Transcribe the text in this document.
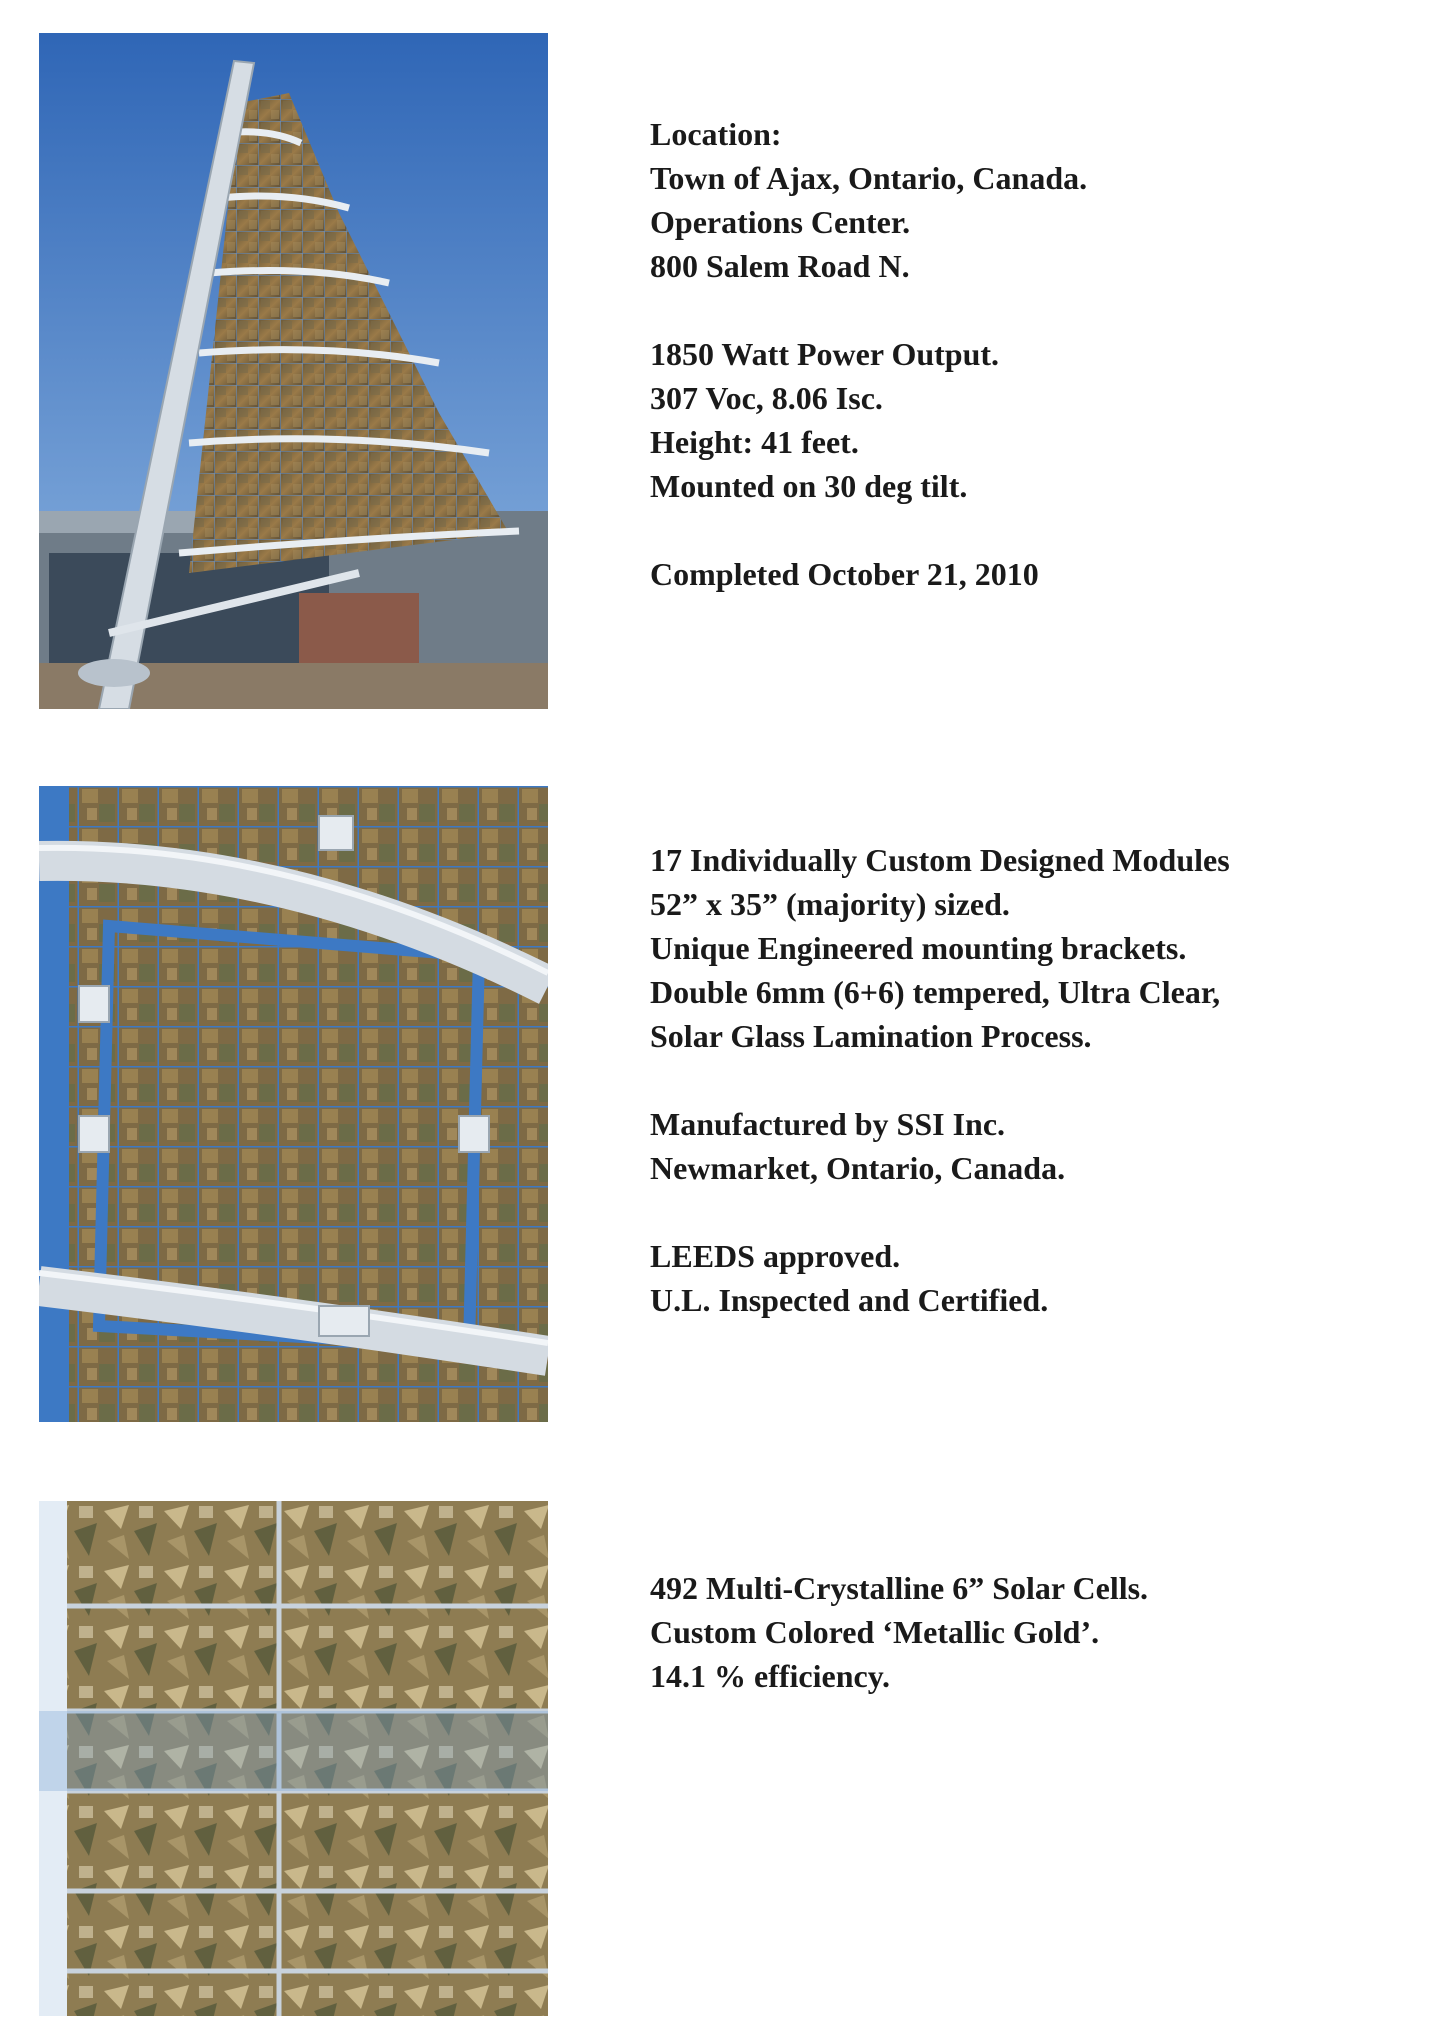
Location:

Town of Ajax, Ontario, Canada.

Operations Center.

800 Salem Road N.

1850 Watt Power Output.

307 Voc, 8.06 Isc.

Height: 41 feet.

Mounted on 30 deg tilt.

Completed October 21, 2010

17 Individually Custom Designed Modules

52” x 35” (majority) sized.

Unique Engineered mounting brackets.

Double 6mm (6+6) tempered, Ultra Clear,

Solar Glass Lamination Process.

Manufactured by SSI Inc.

Newmarket, Ontario, Canada.

LEEDS approved.

U.L. Inspected and Certified.

492 Multi-Crystalline 6” Solar Cells.

Custom Colored ‘Metallic Gold’.

14.1 % efficiency.
